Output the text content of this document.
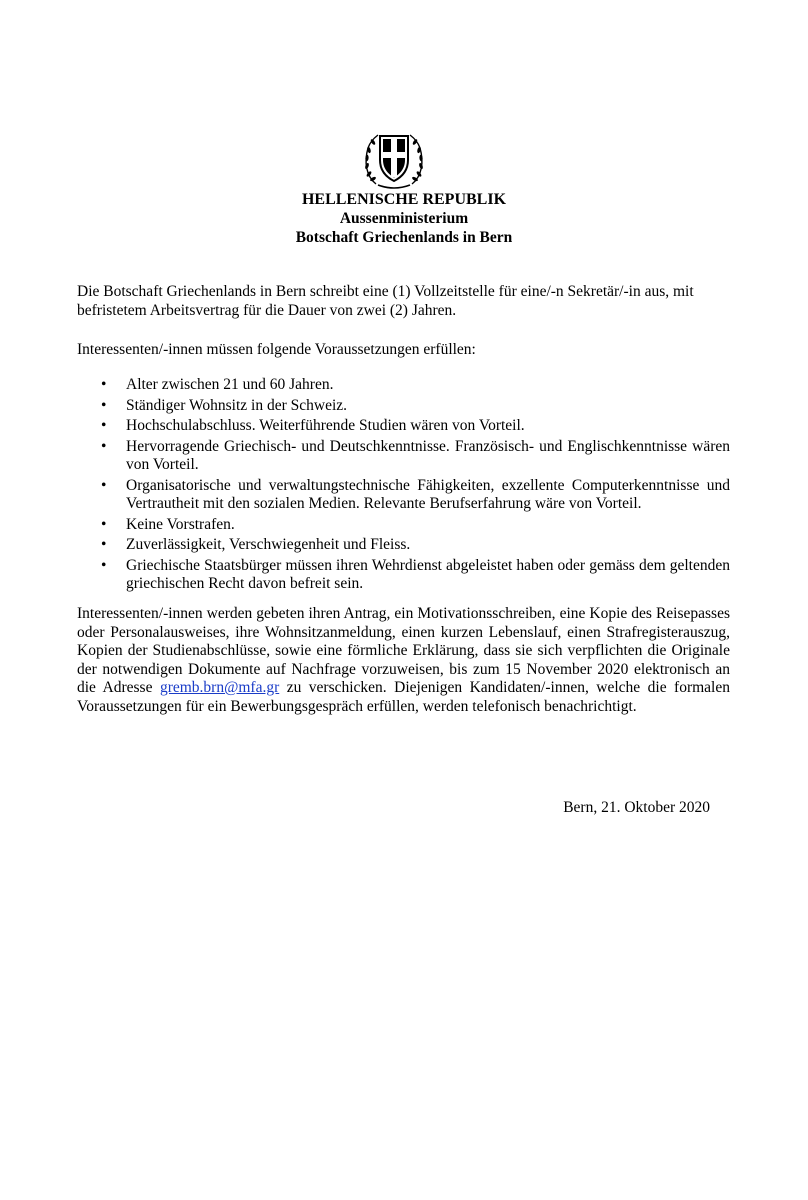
HELLENISCHE REPUBLIK
Aussenministerium
Botschaft Griechenlands in Bern
Die Botschaft Griechenlands in Bern schreibt eine (1) Vollzeitstelle für eine/-n Sekretär/-in aus, mit befristetem Arbeitsvertrag für die Dauer von zwei (2) Jahren.
Interessenten/-innen müssen folgende Voraussetzungen erfüllen:
• Alter zwischen 21 und 60 Jahren.
• Ständiger Wohnsitz in der Schweiz.
• Hochschulabschluss. Weiterführende Studien wären von Vorteil.
• Hervorragende Griechisch- und Deutschkenntnisse. Französisch- und Englischkenntnisse wären von Vorteil.
• Organisatorische und verwaltungstechnische Fähigkeiten, exzellente Computerkenntnisse und Vertrautheit mit den sozialen Medien. Relevante Berufserfahrung wäre von Vorteil.
• Keine Vorstrafen.
• Zuverlässigkeit, Verschwiegenheit und Fleiss.
• Griechische Staatsbürger müssen ihren Wehrdienst abgeleistet haben oder gemäss dem geltenden griechischen Recht davon befreit sein.
Interessenten/-innen werden gebeten ihren Antrag, ein Motivationsschreiben, eine Kopie des Reisepasses oder Personalausweises, ihre Wohnsitzanmeldung, einen kurzen Lebenslauf, einen Strafregisterauszug, Kopien der Studienabschlüsse, sowie eine förmliche Erklärung, dass sie sich verpflichten die Originale der notwendigen Dokumente auf Nachfrage vorzuweisen, bis zum 15 November 2020 elektronisch an die Adresse gremb.brn@mfa.gr zu verschicken. Diejenigen Kandidaten/-innen, welche die formalen Voraussetzungen für ein Bewerbungsgespräch erfüllen, werden telefonisch benachrichtigt.
Bern, 21. Oktober 2020
